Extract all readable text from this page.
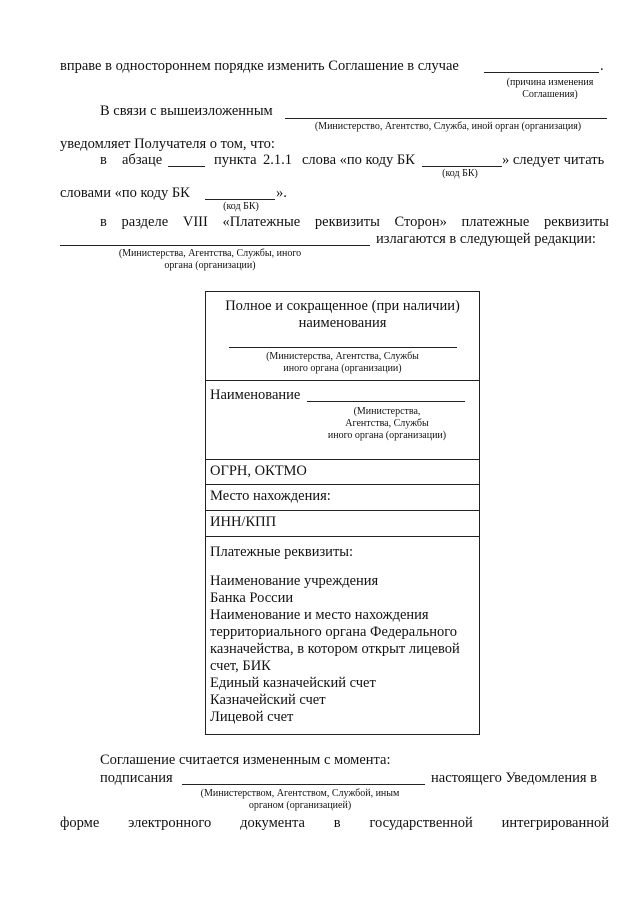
вправе в одностороннем порядке изменить Соглашение в случае	.
(причина изменения
Соглашения)
В связи с вышеизложенным
(Министерство, Агентство, Служба, иной орган (организация)
уведомляет Получателя о том, что:
в абзаце	пункта 2.1.1 слова «по коду БК	» следует читать
(код БК)
словами «по коду БК	».
(код БК)
в разделе VIII «Платежные реквизиты Сторон» платежные реквизиты
излагаются в следующей редакции:
(Министерства, Агентства, Службы, иного
органа (организации)
Полное и сокращенное (при наличии)
наименования
(Министерства, Агентства, Службы
иного органа (организации)
Наименование
(Министерства,
Агентства, Службы
иного органа (организации)
ОГРН, ОКТМО
Место нахождения:
ИНН/КПП
Платежные реквизиты:
Наименование учреждения
Банка России
Наименование и место нахождения
территориального органа Федерального
казначейства, в котором открыт лицевой
счет, БИК
Единый казначейский счет
Казначейский счет
Лицевой счет
Соглашение считается измененным с момента:
подписания	настоящего Уведомления в
(Министерством, Агентством, Службой, иным
органом (организацией)
форме электронного документа в государственной интегрированной
